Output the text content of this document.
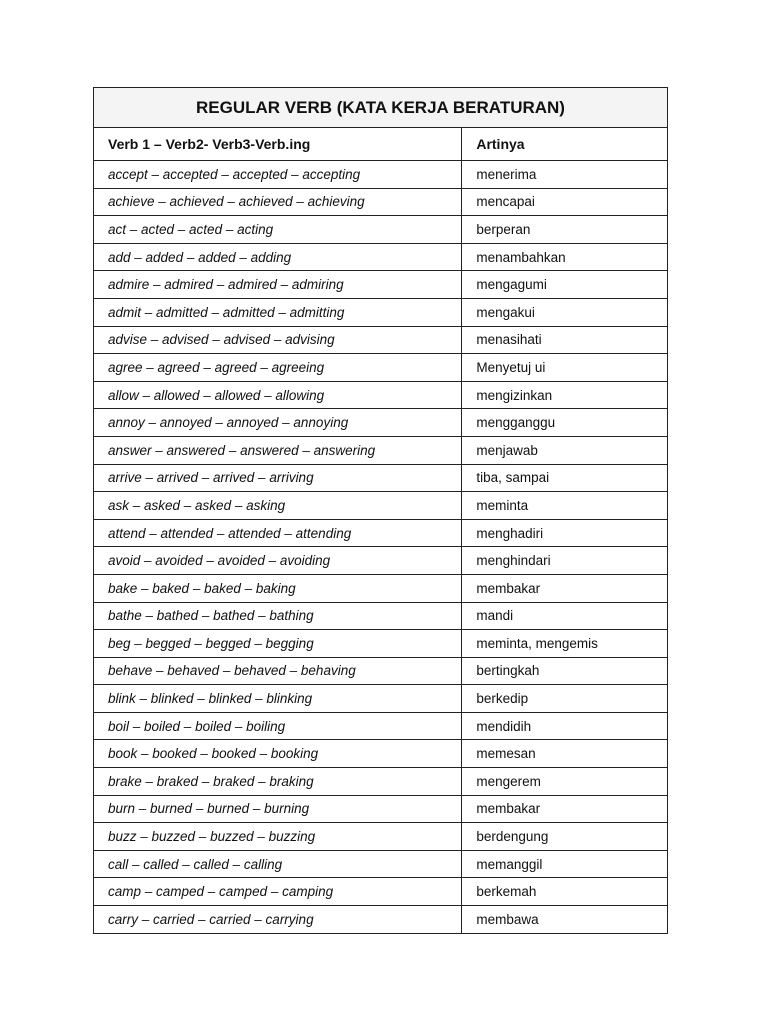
REGULAR VERB (KATA KERJA BERATURAN)	
Verb 1 – Verb2- Verb3-Verb.ing	Artinya
accept – accepted – accepted – accepting	menerima
achieve – achieved – achieved – achieving	mencapai
act – acted – acted – acting	berperan
add – added – added – adding	menambahkan
admire – admired – admired – admiring	mengagumi
admit – admitted – admitted – admitting	mengakui
advise – advised – advised – advising	menasihati
agree – agreed – agreed – agreeing	Menyetuj ui
allow – allowed – allowed – allowing	mengizinkan
annoy – annoyed – annoyed – annoying	mengganggu
answer – answered – answered – answering	menjawab
arrive – arrived – arrived – arriving	tiba, sampai
ask – asked – asked – asking	meminta
attend – attended – attended – attending	menghadiri
avoid – avoided – avoided – avoiding	menghindari
bake – baked – baked – baking	membakar
bathe – bathed – bathed – bathing	mandi
beg – begged – begged – begging	meminta, mengemis
behave – behaved – behaved – behaving	bertingkah
blink – blinked – blinked – blinking	berkedip
boil – boiled – boiled – boiling	mendidih
book – booked – booked – booking	memesan
brake – braked – braked – braking	mengerem
burn – burned – burned – burning	membakar
buzz – buzzed – buzzed – buzzing	berdengung
call – called – called – calling	memanggil
camp – camped – camped – camping	berkemah
carry – carried – carried – carrying	membawa
